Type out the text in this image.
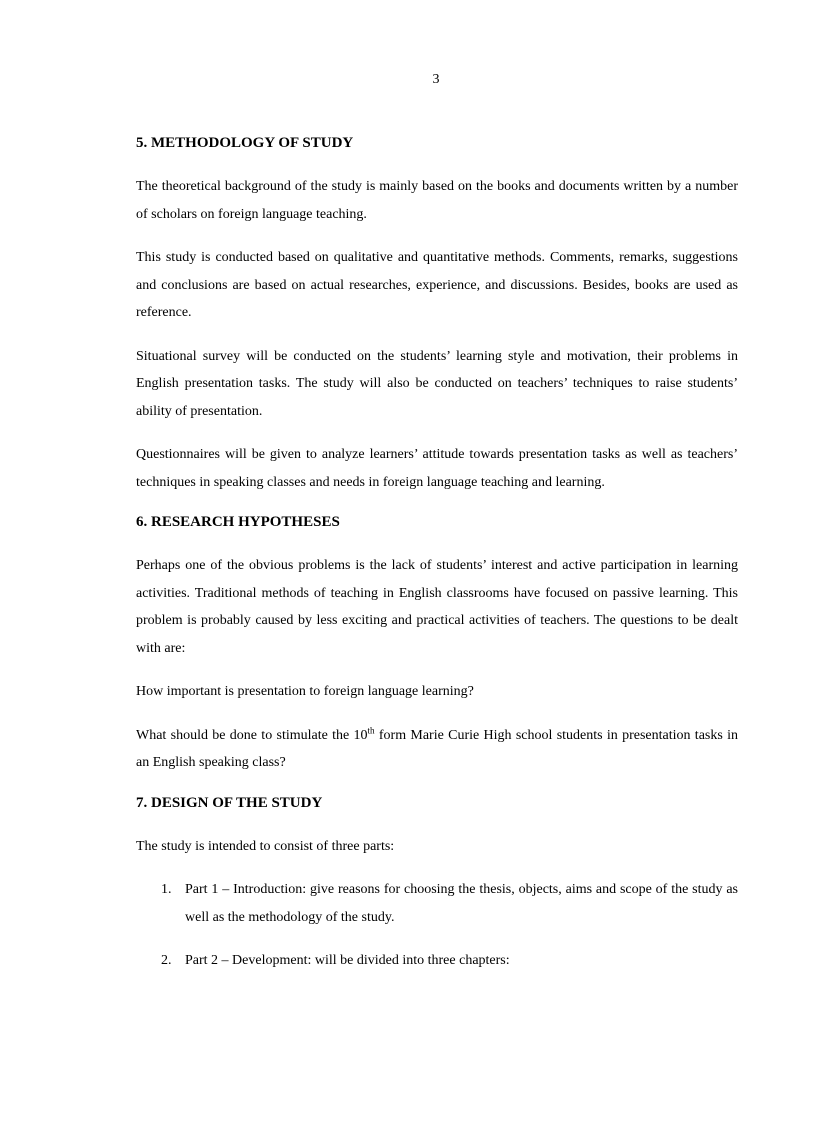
3
5. METHODOLOGY OF STUDY

The theoretical background of the study is mainly based on the books and documents written by a number of scholars on foreign language teaching.

This study is conducted based on qualitative and quantitative methods. Comments, remarks, suggestions and conclusions are based on actual researches, experience, and discussions. Besides, books are used as reference.

Situational survey will be conducted on the students’ learning style and motivation, their problems in English presentation tasks. The study will also be conducted on teachers’ techniques to raise students’ ability of presentation.

Questionnaires will be given to analyze learners’ attitude towards presentation tasks as well as teachers’ techniques in speaking classes and needs in foreign language teaching and learning.

6. RESEARCH HYPOTHESES

Perhaps one of the obvious problems is the lack of students’ interest and active participation in learning activities. Traditional methods of teaching in English classrooms have focused on passive learning. This problem is probably caused by less exciting and practical activities of teachers. The questions to be dealt with are:

How important is presentation to foreign language learning?

What should be done to stimulate the 10th form Marie Curie High school students in presentation tasks in an English speaking class?

7. DESIGN OF THE STUDY

The study is intended to consist of three parts:

1. Part 1 – Introduction: give reasons for choosing the thesis, objects, aims and scope of the study as well as the methodology of the study.
2. Part 2 – Development: will be divided into three chapters:
